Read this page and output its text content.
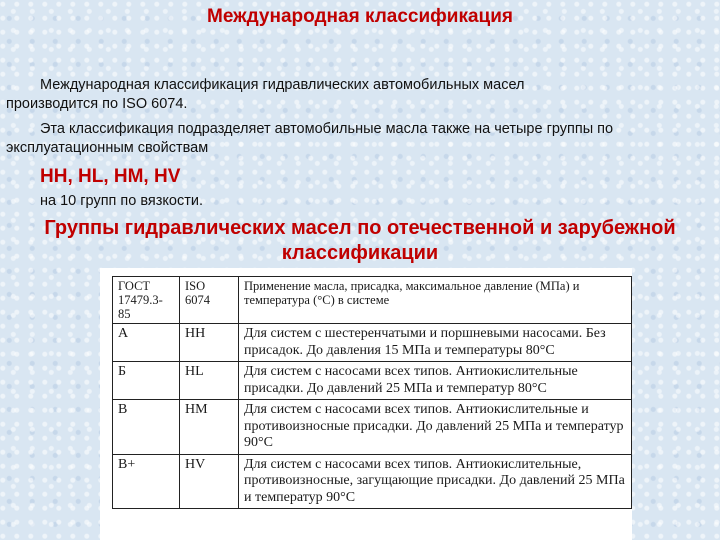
Международная классификация
Международная классификация гидравлических автомобильных масел
производится по ISO 6074.
Эта классификация подразделяет автомобильные масла также на четыре группы по
эксплуатационным свойствам
HH, HL, HM, HV
на 10 групп по вязкости.
Группы гидравлических масел по отечественной и зарубежной
классификации
ГОСТ 17479.3-85	ISO 6074	Применение масла, присадка, максимальное давление (МПа) и температура (°С) в системе
А	НН	Для систем с шестеренчатыми и поршневыми насосами. Без присадок. До давления 15 МПа и температуры 80°С
Б	HL	Для систем с насосами всех типов. Антиокислительные присадки. До давлений 25 МПа и температур 80°С
В	НМ	Для систем с насосами всех типов. Антиокислительные и противоизносные присадки. До давлений 25 МПа и температур 90°С
В+	HV	Для систем с насосами всех типов. Антиокислительные, противоизносные, загущающие присадки. До давлений 25 МПа и температур 90°С
